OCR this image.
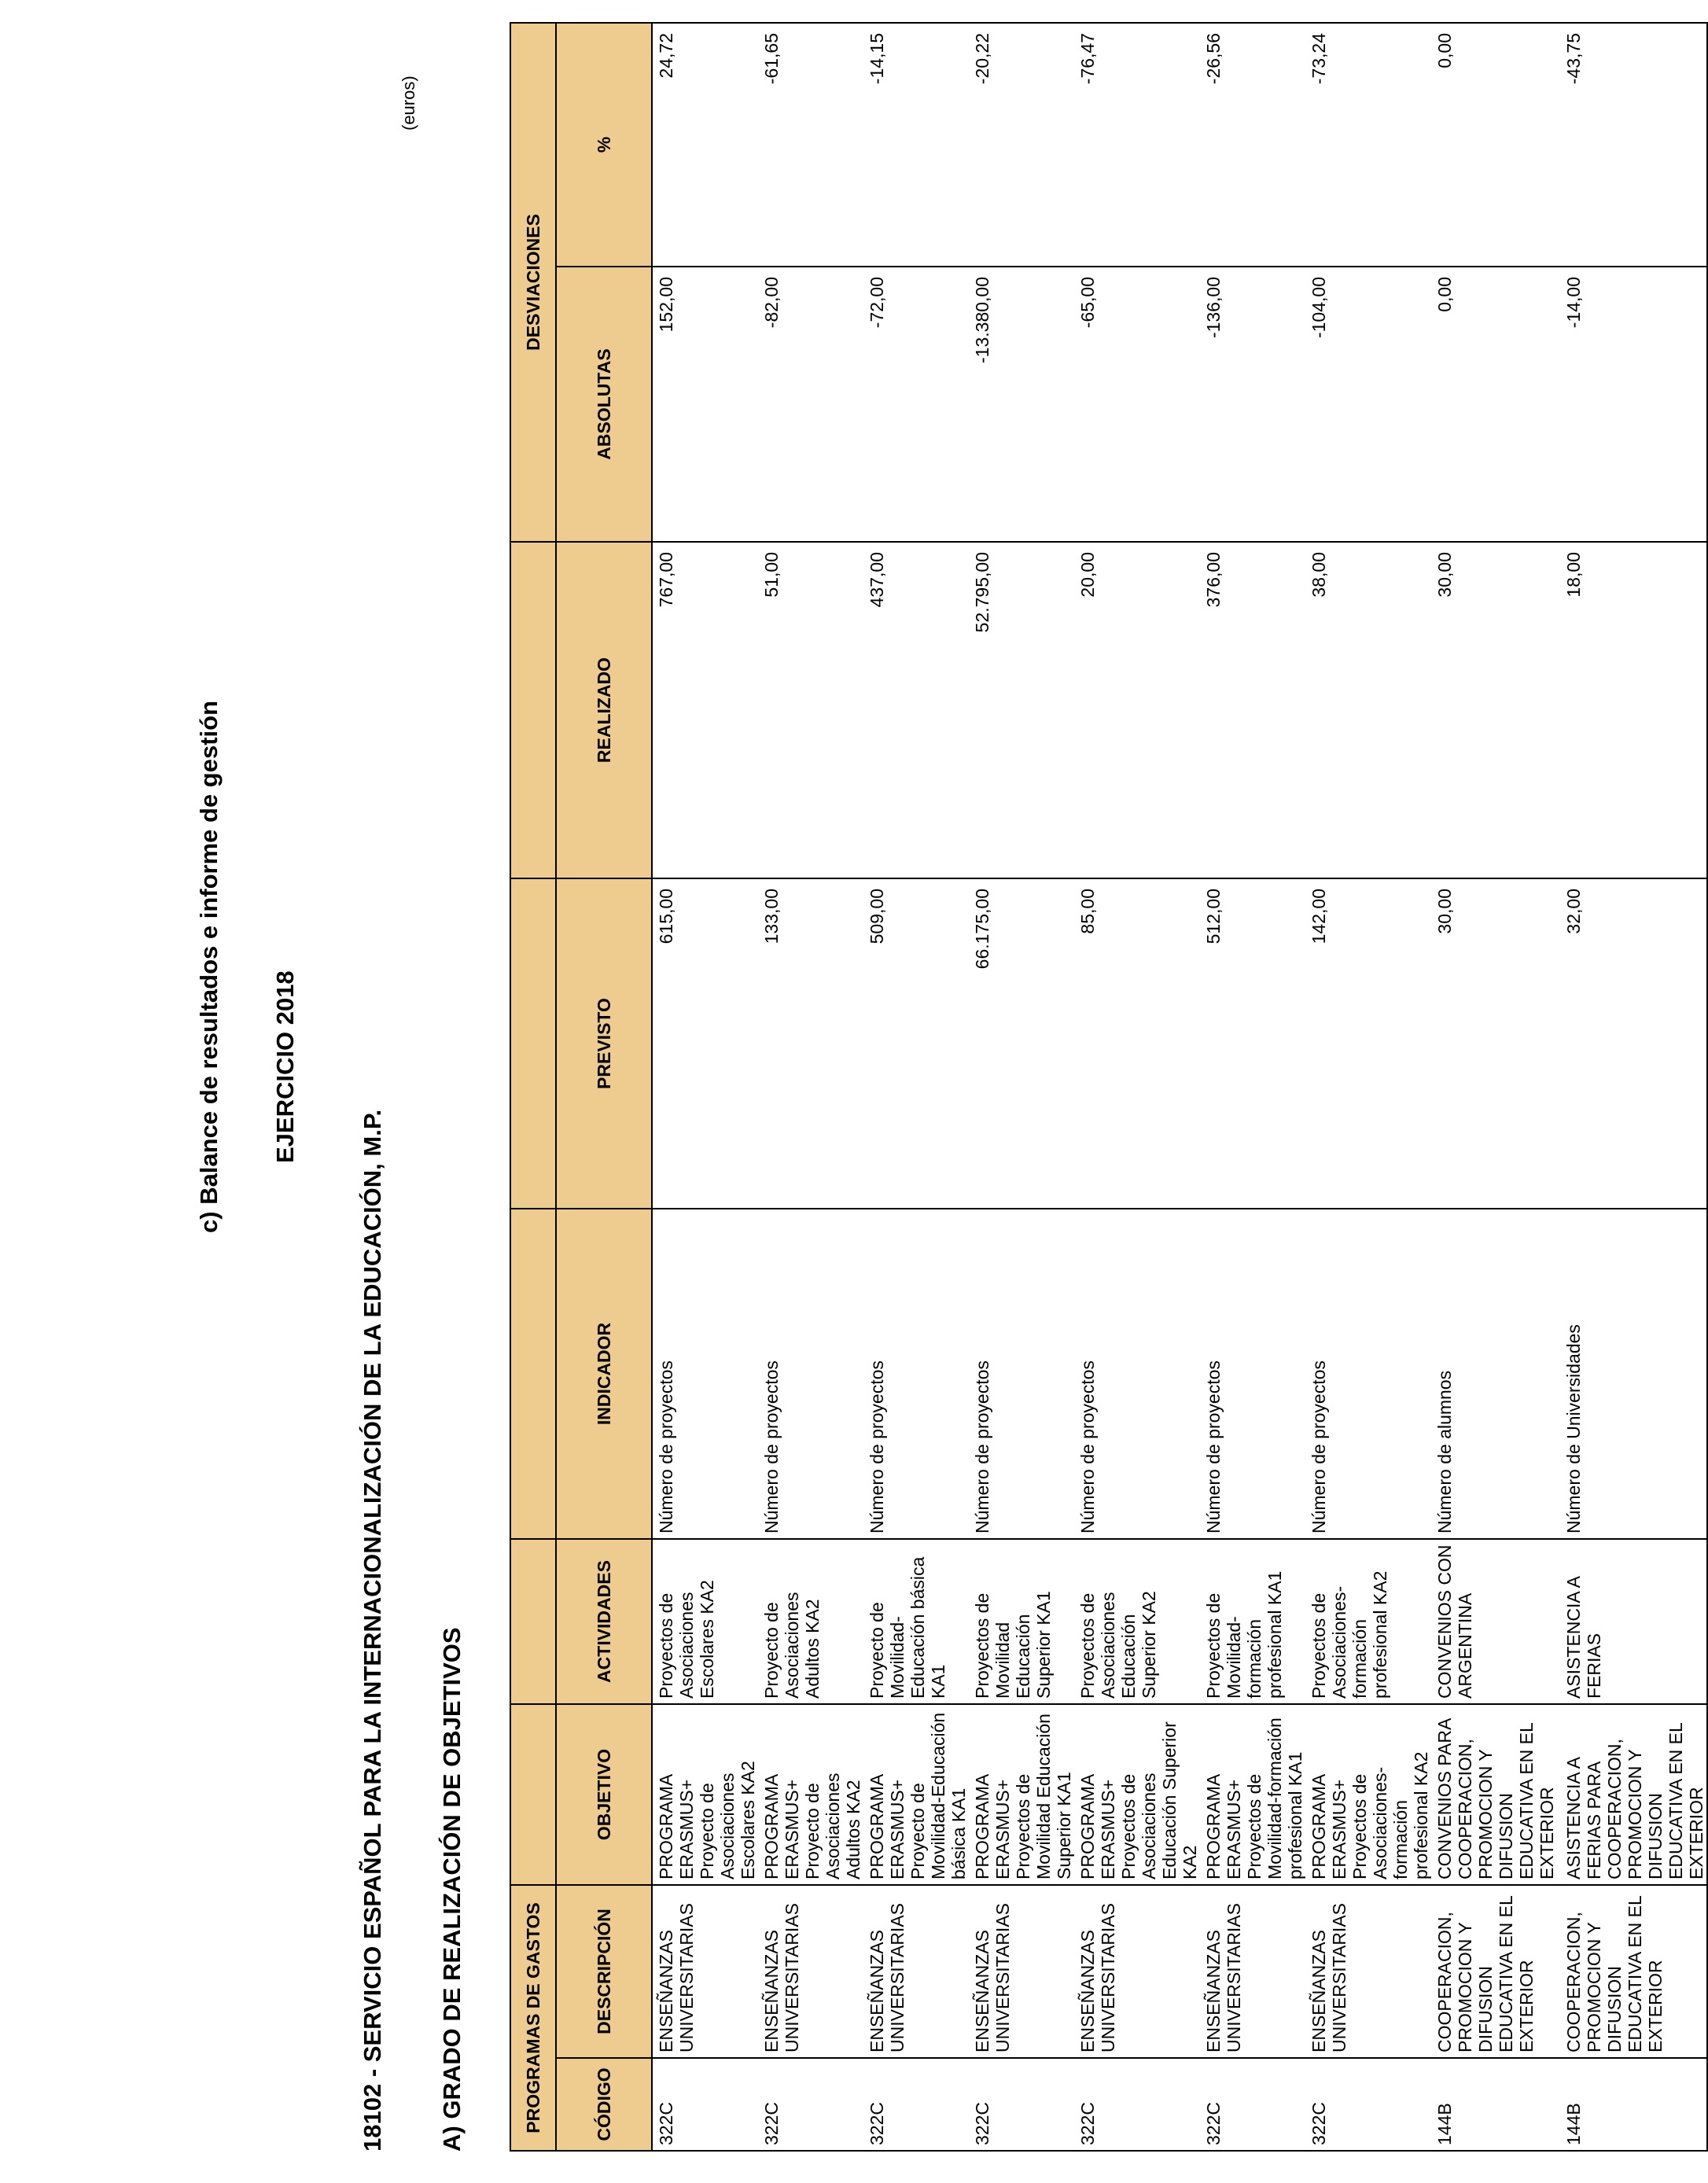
c) Balance de resultados e informe de gestión EJERCICIO 2018
18102 - SERVICIO ESPAÑOL PARA LA INTERNACIONALIZACIÓN DE LA EDUCACIÓN, M.P. A) GRADO DE REALIZACIÓN DE OBJETIVOS
(euros)
PROGRAMAS DE GASTOS							DESVIACIONES	
CÓDIGO	DESCRIPCIÓN	OBJETIVO	ACTIVIDADES	INDICADOR	PREVISTO	REALIZADO	ABSOLUTAS	%
322C	ENSEÑANZAS UNIVERSITARIAS	PROGRAMA ERASMUS+ Proyecto de Asociaciones Escolares KA2	Proyectos de Asociaciones Escolares KA2	Número de proyectos	615,00	767,00	152,00	24,72
322C	ENSEÑANZAS UNIVERSITARIAS	PROGRAMA ERASMUS+ Proyecto de Asociaciones Adultos KA2	Proyecto de Asociaciones Adultos KA2	Número de proyectos	133,00	51,00	-82,00	-61,65
322C	ENSEÑANZAS UNIVERSITARIAS	PROGRAMA ERASMUS+ Proyecto de Movilidad-Educación básica KA1	Proyecto de Movilidad-Educación básica KA1	Número de proyectos	509,00	437,00	-72,00	-14,15
322C	ENSEÑANZAS UNIVERSITARIAS	PROGRAMA ERASMUS+ Proyectos de Movilidad Educación Superior KA1	Proyectos de Movilidad Educación Superior KA1	Número de proyectos	66.175,00	52.795,00	-13.380,00	-20,22
322C	ENSEÑANZAS UNIVERSITARIAS	PROGRAMA ERASMUS+ Proyectos de Asociaciones Educación Superior KA2	Proyectos de Asociaciones Educación Superior KA2	Número de proyectos	85,00	20,00	-65,00	-76,47
322C	ENSEÑANZAS UNIVERSITARIAS	PROGRAMA ERASMUS+ Proyectos de Movilidad-formación profesional KA1	Proyectos de Movilidad-formación profesional KA1	Número de proyectos	512,00	376,00	-136,00	-26,56
322C	ENSEÑANZAS UNIVERSITARIAS	PROGRAMA ERASMUS+ Proyectos de Asociaciones-formación profesional KA2	Proyectos de Asociaciones-formación profesional KA2	Número de proyectos	142,00	38,00	-104,00	-73,24
144B	COOPERACION, PROMOCION Y DIFUSION EDUCATIVA EN EL EXTERIOR	CONVENIOS PARA COOPERACION, PROMOCION Y DIFUSION EDUCATIVA EN EL EXTERIOR	CONVENIOS CON ARGENTINA	Número de alumnos	30,00	30,00	0,00	0,00
144B	COOPERACION, PROMOCION Y DIFUSION EDUCATIVA EN EL EXTERIOR	ASISTENCIA A FERIAS PARA COOPERACION, PROMOCION Y DIFUSION EDUCATIVA EN EL EXTERIOR	ASISTENCIA A FERIAS	Número de Universidades	32,00	18,00	-14,00	-43,75
